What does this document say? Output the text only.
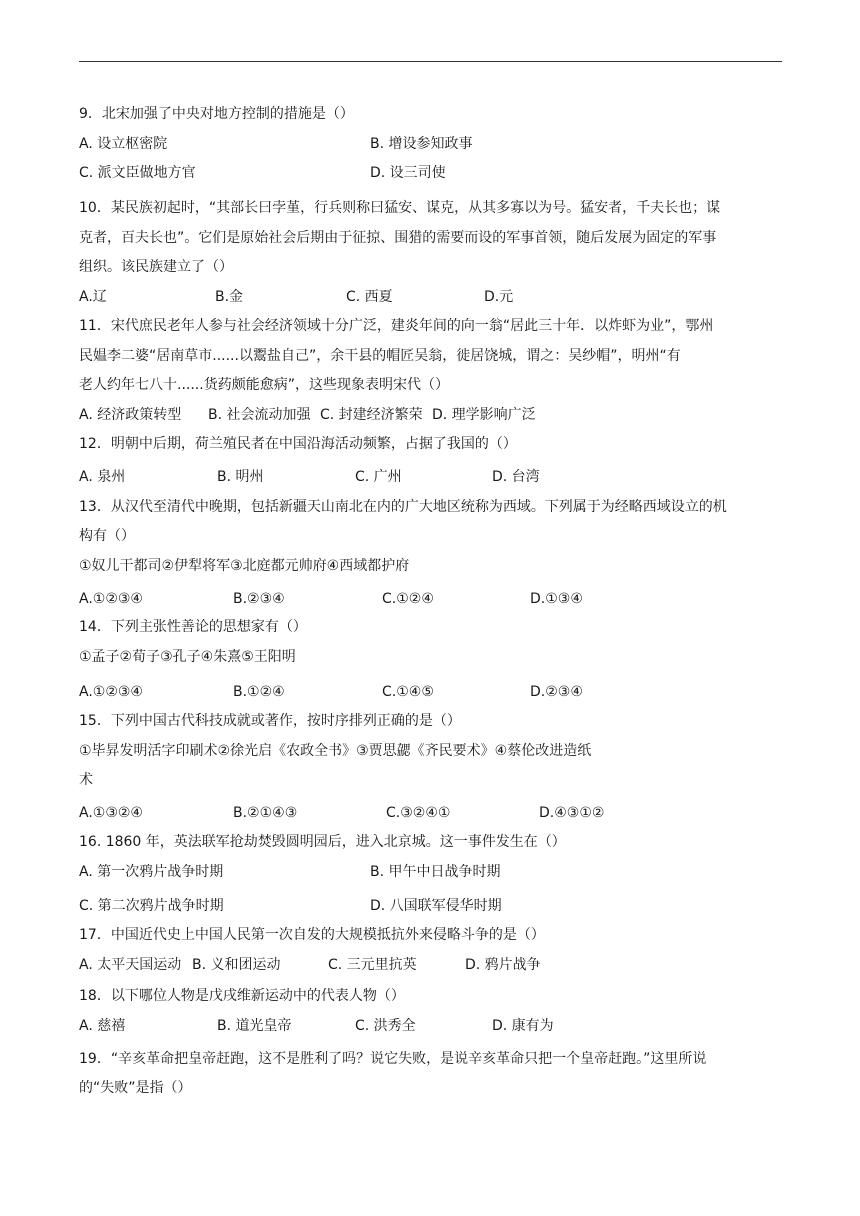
9．北宋加强了中央对地方控制的措施是（）
A. 设立枢密院	B. 增设参知政事
C. 派文臣做地方官	D. 设三司使
10．某民族初起时，“其部长曰孛堇，行兵则称曰猛安、谋克，从其多寡以为号。猛安者，千夫长也；谋
克者，百夫长也”。它们是原始社会后期由于征掠、围猎的需要而设的军事首领，随后发展为固定的军事
组织。该民族建立了（）
A.辽	B.金	C. 西夏	D.元
11．宋代庶民老年人参与社会经济领域十分广泛，建炎年间的向一翁“居此三十年．以炸虾为业”，鄂州
民媪李二婆“居南草市......以鬻盐自己”，余干县的帽匠吴翁，徙居饶城，谓之：吴纱帽”，明州“有
老人约年七八十......货药颇能愈病”，这些现象表明宋代（）
A. 经济政策转型 B. 社会流动加强 C. 封建经济繁荣 D. 理学影响广泛
12．明朝中后期，荷兰殖民者在中国沿海活动频繁，占据了我国的（）
A. 泉州	B. 明州	C. 广州	D. 台湾
13．从汉代至清代中晚期，包括新疆天山南北在内的广大地区统称为西域。下列属于为经略西域设立的机
构有（）
①奴儿干都司②伊犁将军③北庭都元帅府④西域都护府
A.①②③④	B.②③④	C.①②④	D.①③④
14．下列主张性善论的思想家有（）
①孟子②荀子③孔子④朱熹⑤王阳明
A.①②③④	B.①②④	C.①④⑤	D.②③④
15．下列中国古代科技成就或著作，按时序排列正确的是（）
①毕昇发明活字印刷术②徐光启《农政全书》③贾思勰《齐民要术》④蔡伦改进造纸
术
A.①③②④	B.②①④③	C.③②④①	D.④③①②
16. 1860 年，英法联军抢劫焚毁圆明园后，进入北京城。这一事件发生在（）
A. 第一次鸦片战争时期	B. 甲午中日战争时期
C. 第二次鸦片战争时期	D. 八国联军侵华时期
17．中国近代史上中国人民第一次自发的大规模抵抗外来侵略斗争的是（）
A. 太平天国运动 B. 义和团运动	C. 三元里抗英	D. 鸦片战争
18．以下哪位人物是戊戌维新运动中的代表人物（）
A. 慈禧	B. 道光皇帝	C. 洪秀全	D. 康有为
19．“辛亥革命把皇帝赶跑，这不是胜利了吗？说它失败，是说辛亥革命只把一个皇帝赶跑。”这里所说
的“失败”是指（）
